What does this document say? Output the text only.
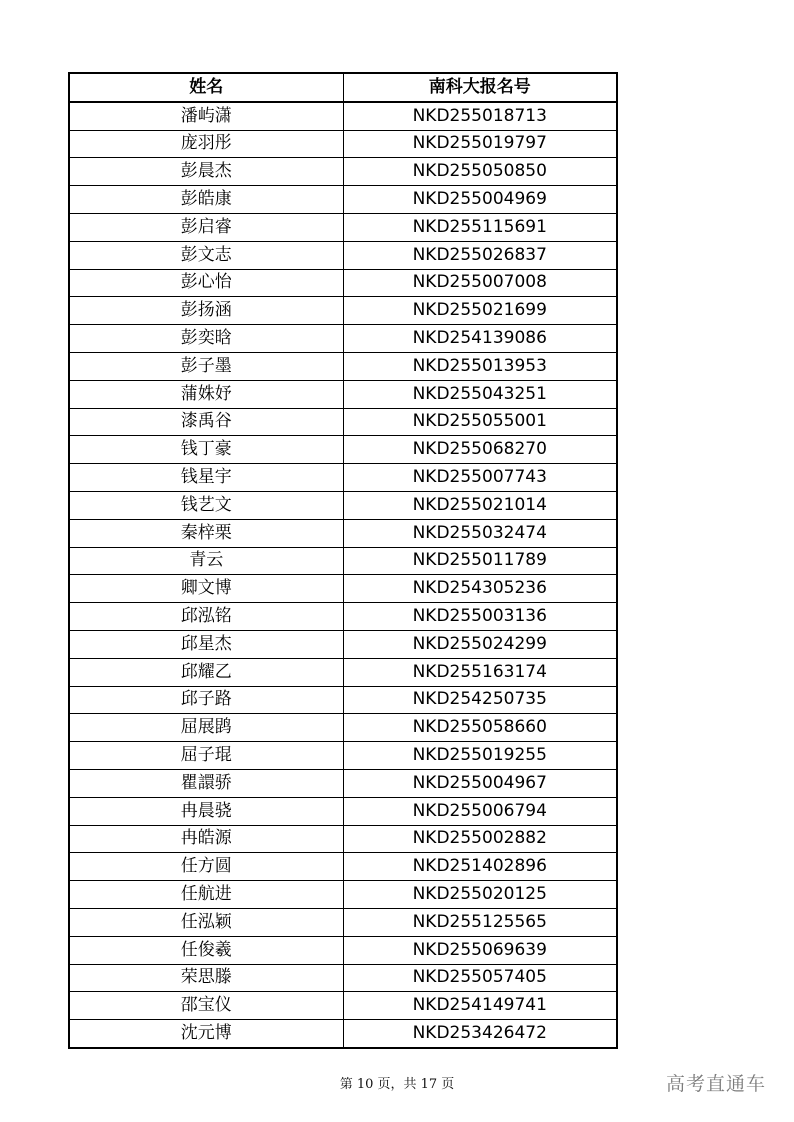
姓名	南科大报名号
潘屿潇	NKD255018713
庞羽彤	NKD255019797
彭晨杰	NKD255050850
彭皓康	NKD255004969
彭启睿	NKD255115691
彭文志	NKD255026837
彭心怡	NKD255007008
彭扬涵	NKD255021699
彭奕晗	NKD254139086
彭子墨	NKD255013953
蒲姝妤	NKD255043251
漆禹谷	NKD255055001
钱丁豪	NKD255068270
钱星宇	NKD255007743
钱艺文	NKD255021014
秦梓栗	NKD255032474
青云	NKD255011789
卿文博	NKD254305236
邱泓铭	NKD255003136
邱星杰	NKD255024299
邱耀乙	NKD255163174
邱子路	NKD254250735
屈展鹍	NKD255058660
屈子琨	NKD255019255
瞿譞骄	NKD255004967
冉晨骁	NKD255006794
冉皓源	NKD255002882
任方圆	NKD251402896
任航进	NKD255020125
任泓颖	NKD255125565
任俊羲	NKD255069639
荣思滕	NKD255057405
邵宝仪	NKD254149741
沈元博	NKD253426472
第 10 页，共 17 页	高考直通车
